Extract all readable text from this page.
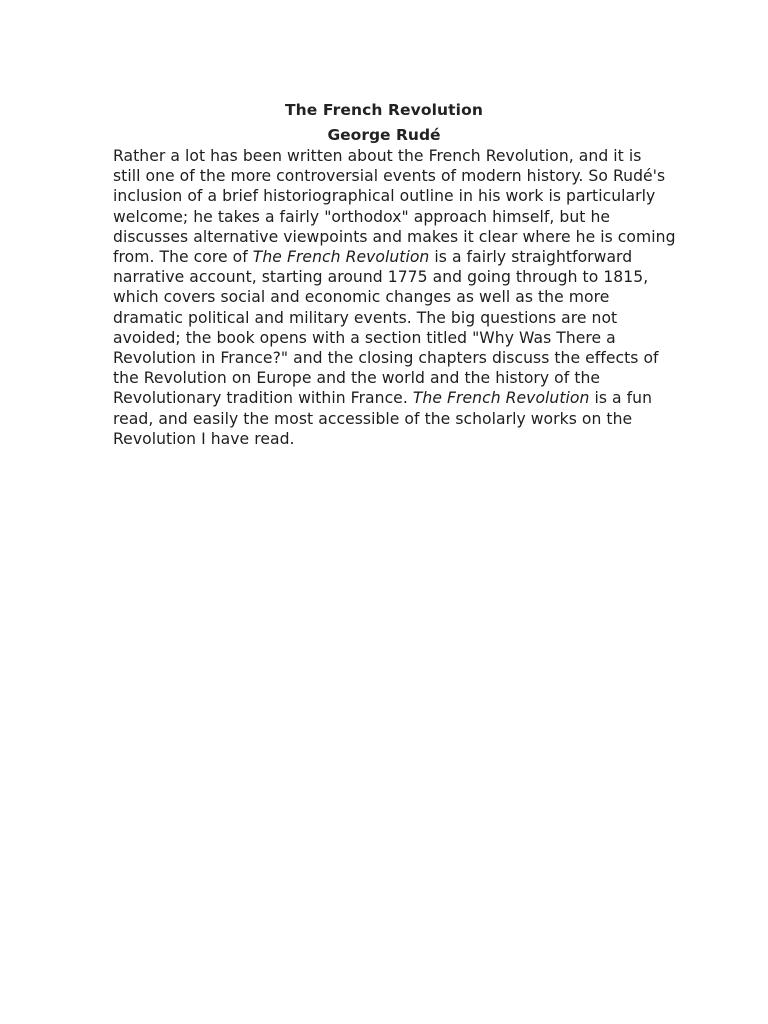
The French Revolution
George Rudé

Rather a lot has been written about the French Revolution, and it is
still one of the more controversial events of modern history. So Rudé's
inclusion of a brief historiographical outline in his work is particularly
welcome; he takes a fairly "orthodox" approach himself, but he
discusses alternative viewpoints and makes it clear where he is coming
from. The core of The French Revolution is a fairly straightforward
narrative account, starting around 1775 and going through to 1815,
which covers social and economic changes as well as the more
dramatic political and military events. The big questions are not
avoided; the book opens with a section titled "Why Was There a
Revolution in France?" and the closing chapters discuss the effects of
the Revolution on Europe and the world and the history of the
Revolutionary tradition within France. The French Revolution is a fun
read, and easily the most accessible of the scholarly works on the
Revolution I have read.
